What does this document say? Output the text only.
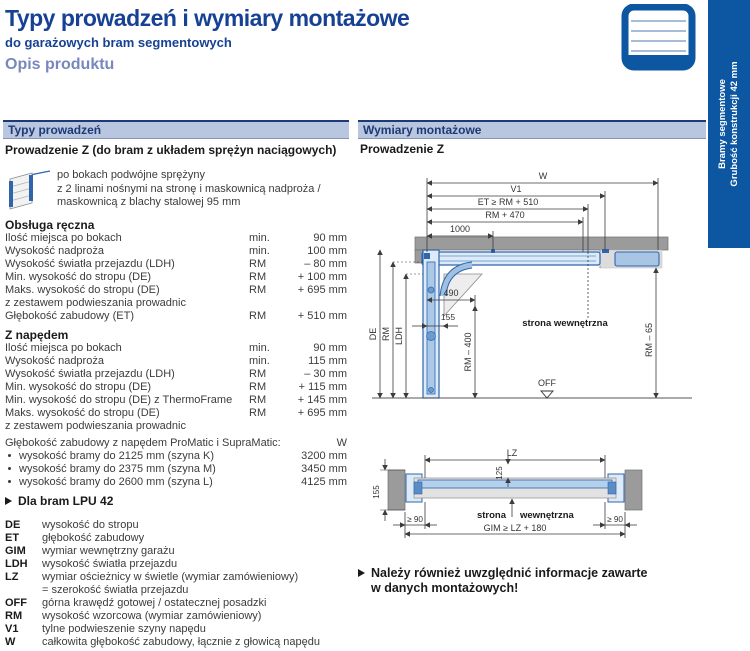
Typy prowadzeń i wymiary montażowe
do garażowych bram segmentowych
Opis produktu
Bramy segmentowe Grubość konstrukcji 42 mm
Typy prowadzeń
Prowadzenie Z (do bram z układem sprężyn naciągowych)
po bokach podwójne sprężyny
z 2 linami nośnymi na stronę i maskownicą nadproża /
maskownicą z blachy stalowej 95 mm
Obsługa ręczna
Ilość miejsca po bokach	min.	90 mm
Wysokość nadproża	min.	100 mm
Wysokość światła przejazdu (LDH)	RM	– 80 mm
Min. wysokość do stropu (DE)	RM	+ 100 mm
Maks. wysokość do stropu (DE)	RM	+ 695 mm
z zestawem podwieszania prowadnic
Głębokość zabudowy (ET)	RM	+ 510 mm
Z napędem
Ilość miejsca po bokach	min.	90 mm
Wysokość nadproża	min.	115 mm
Wysokość światła przejazdu (LDH)	RM	– 30 mm
Min. wysokość do stropu (DE)	RM	+ 115 mm
Min. wysokość do stropu (DE) z ThermoFrame	RM	+ 145 mm
Maks. wysokość do stropu (DE)	RM	+ 695 mm
z zestawem podwieszania prowadnic
Głębokość zabudowy z napędem ProMatic i SupraMatic:	W
wysokość bramy do 2125 mm (szyna K)	3200 mm
wysokość bramy do 2375 mm (szyna M)	3450 mm
wysokość bramy do 2600 mm (szyna L)	4125 mm
Dla bram LPU 42
DE	wysokość do stropu
ET	głębokość zabudowy
GIM	wymiar wewnętrzny garażu
LDH	wysokość światła przejazdu
LZ	wymiar ościeżnicy w świetle (wymiar zamówieniowy)
= szerokość światła przejazdu
OFF	górna krawędź gotowej / ostatecznej posadzki
RM	wysokość wzorcowa (wymiar zamówieniowy)
V1	tylne podwieszenie szyny napędu
W	całkowita głębokość zabudowy, łącznie z głowicą napędu
Wymiary montażowe
Prowadzenie Z
W
V1
ET ≥ RM + 510
RM + 470
1000
490
155
DE RM LDH	RM – 400	RM – 65
OFF
strona wewnętrzna
LZ
125
155
≥ 90	≥ 90
GIM ≥ LZ + 180
strona wewnętrzna
Należy również uwzględnić informacje zawarte
w danych montażowych!
